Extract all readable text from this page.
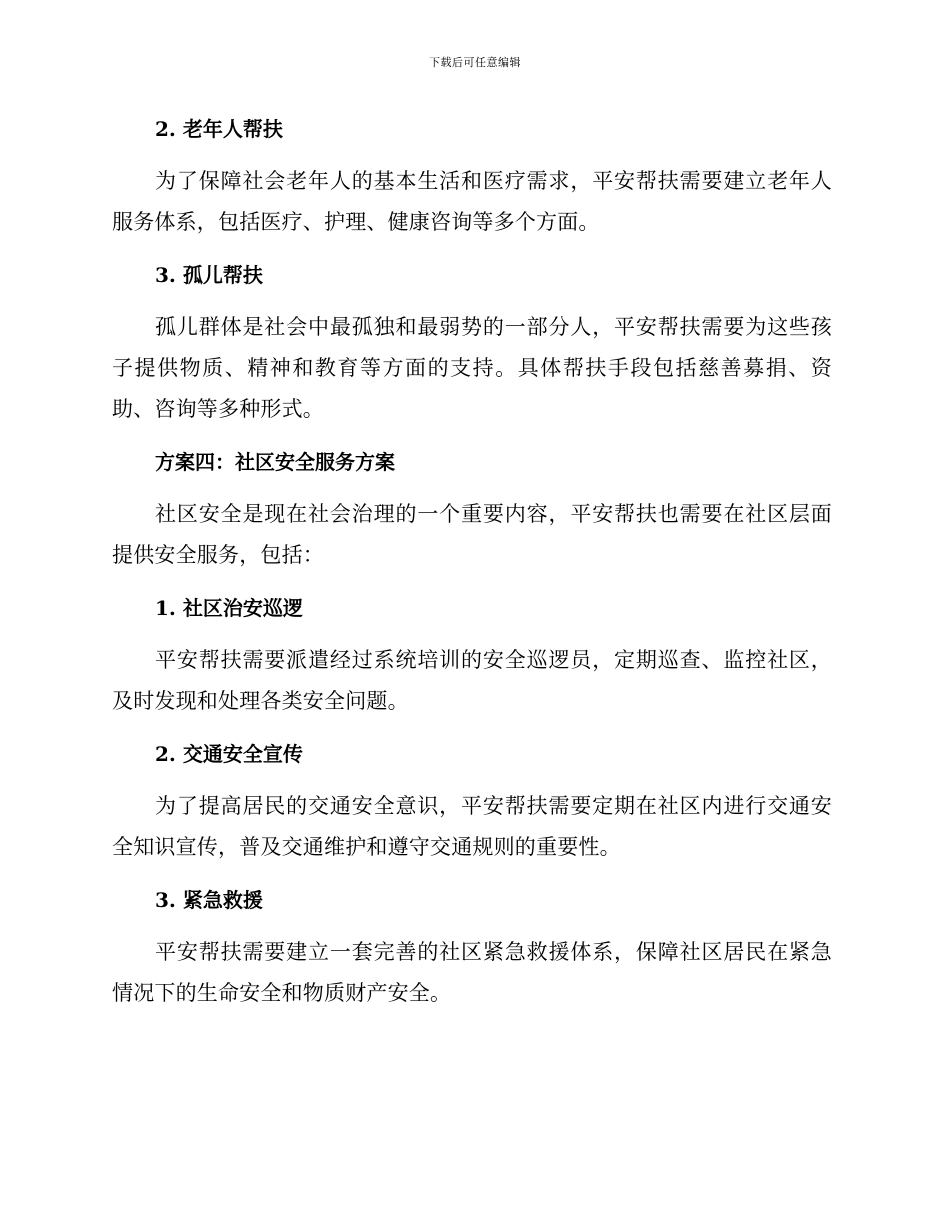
下载后可任意编辑
2. 老年人帮扶

为了保障社会老年人的基本生活和医疗需求，平安帮扶需要建立老年人服务体系，包括医疗、护理、健康咨询等多个方面。

3. 孤儿帮扶

孤儿群体是社会中最孤独和最弱势的一部分人，平安帮扶需要为这些孩子提供物质、精神和教育等方面的支持。具体帮扶手段包括慈善募捐、资助、咨询等多种形式。

方案四：社区安全服务方案

社区安全是现在社会治理的一个重要内容，平安帮扶也需要在社区层面提供安全服务，包括：

1. 社区治安巡逻

平安帮扶需要派遣经过系统培训的安全巡逻员，定期巡查、监控社区，及时发现和处理各类安全问题。

2. 交通安全宣传

为了提高居民的交通安全意识，平安帮扶需要定期在社区内进行交通安全知识宣传，普及交通维护和遵守交通规则的重要性。

3. 紧急救援

平安帮扶需要建立一套完善的社区紧急救援体系，保障社区居民在紧急情况下的生命安全和物质财产安全。
